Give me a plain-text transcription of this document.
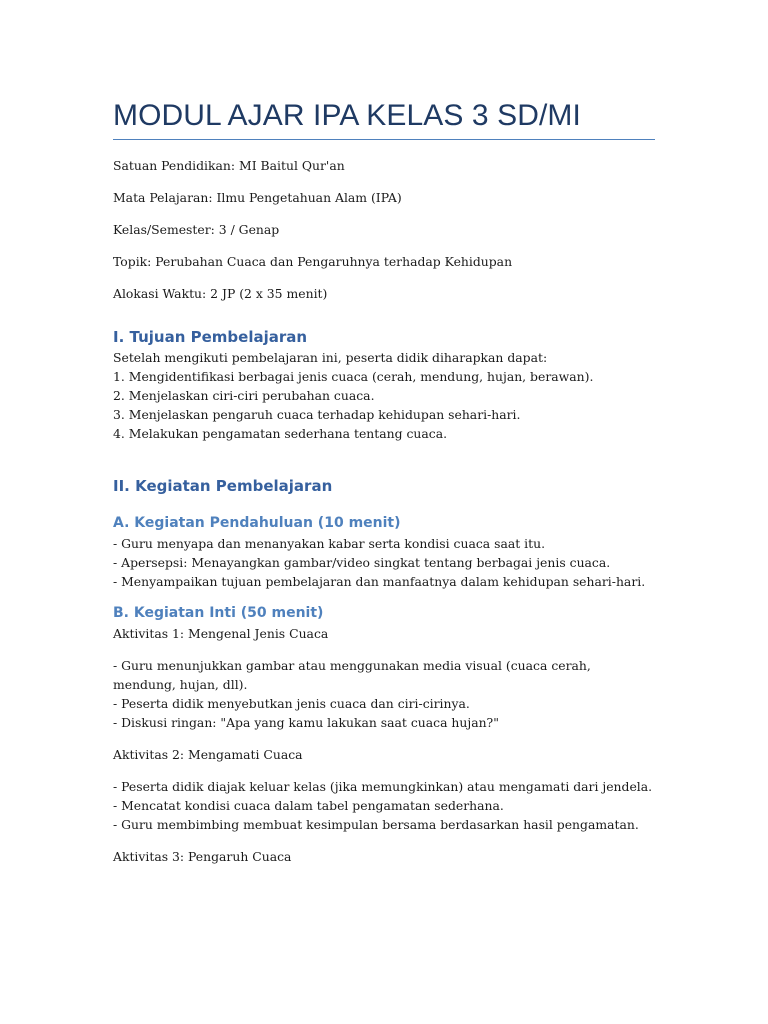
MODUL AJAR IPA KELAS 3 SD/MI

Satuan Pendidikan: MI Baitul Qur'an

Mata Pelajaran: Ilmu Pengetahuan Alam (IPA)

Kelas/Semester: 3 / Genap

Topik: Perubahan Cuaca dan Pengaruhnya terhadap Kehidupan

Alokasi Waktu: 2 JP (2 x 35 menit)

I. Tujuan Pembelajaran

Setelah mengikuti pembelajaran ini, peserta didik diharapkan dapat:

1. Mengidentifikasi berbagai jenis cuaca (cerah, mendung, hujan, berawan).

2. Menjelaskan ciri-ciri perubahan cuaca.

3. Menjelaskan pengaruh cuaca terhadap kehidupan sehari-hari.

4. Melakukan pengamatan sederhana tentang cuaca.

II. Kegiatan Pembelajaran
A. Kegiatan Pendahuluan (10 menit)

- Guru menyapa dan menanyakan kabar serta kondisi cuaca saat itu.

- Apersepsi: Menayangkan gambar/video singkat tentang berbagai jenis cuaca.

- Menyampaikan tujuan pembelajaran dan manfaatnya dalam kehidupan sehari-hari.

B. Kegiatan Inti (50 menit)

Aktivitas 1: Mengenal Jenis Cuaca

- Guru menunjukkan gambar atau menggunakan media visual (cuaca cerah, mendung, hujan, dll).

- Peserta didik menyebutkan jenis cuaca dan ciri-cirinya.

- Diskusi ringan: "Apa yang kamu lakukan saat cuaca hujan?"

Aktivitas 2: Mengamati Cuaca

- Peserta didik diajak keluar kelas (jika memungkinkan) atau mengamati dari jendela.

- Mencatat kondisi cuaca dalam tabel pengamatan sederhana.

- Guru membimbing membuat kesimpulan bersama berdasarkan hasil pengamatan.

Aktivitas 3: Pengaruh Cuaca
